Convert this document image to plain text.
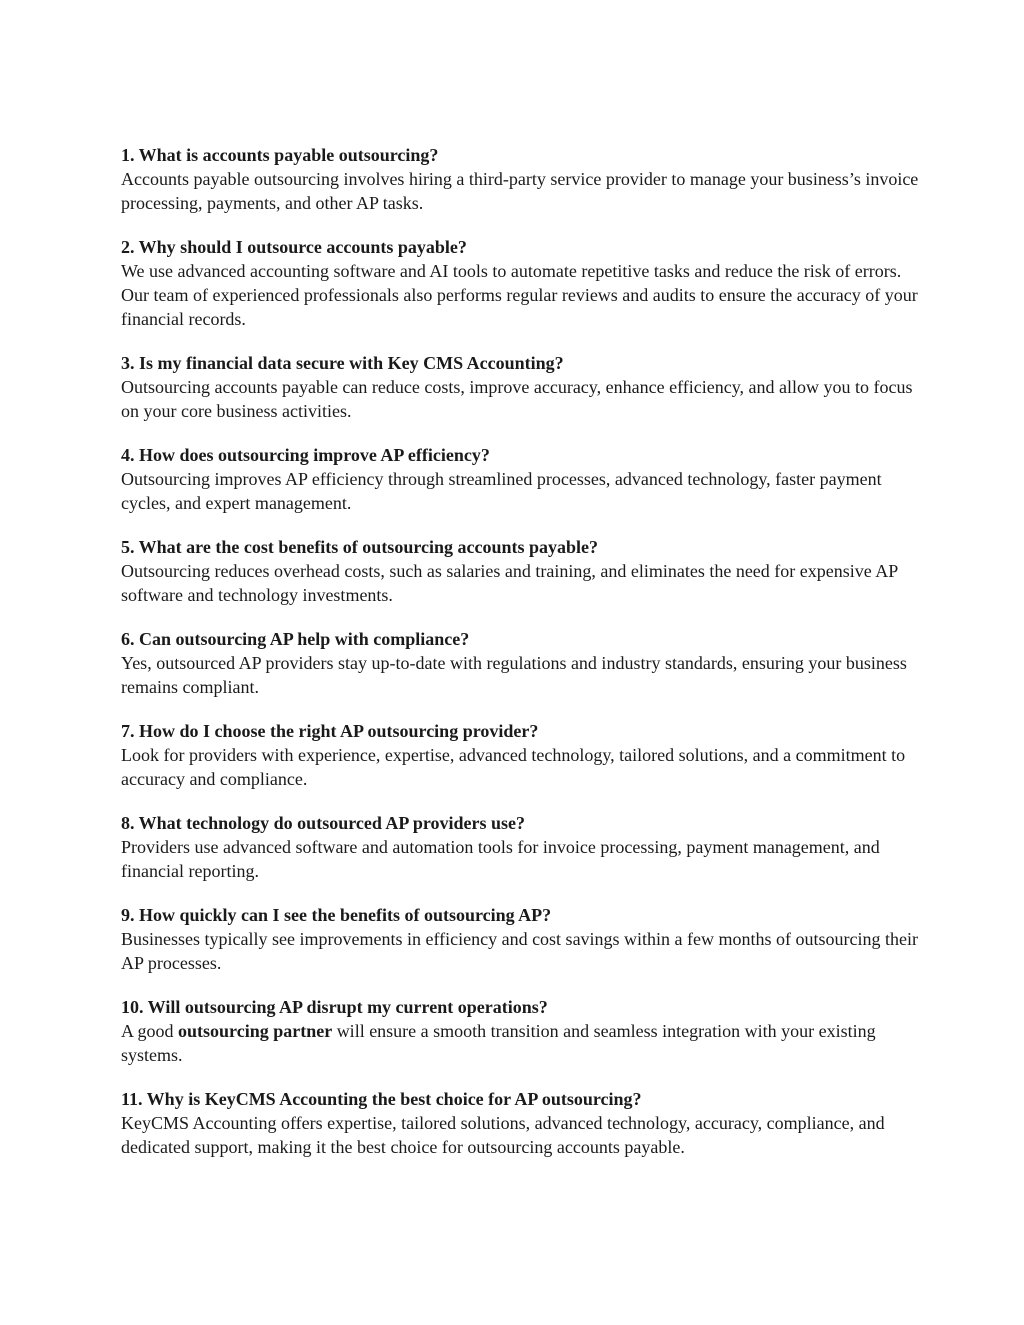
1. What is accounts payable outsourcing?

Accounts payable outsourcing involves hiring a third-party service provider to manage your business’s invoice processing, payments, and other AP tasks.

2. Why should I outsource accounts payable?

We use advanced accounting software and AI tools to automate repetitive tasks and reduce the risk of errors. Our team of experienced professionals also performs regular reviews and audits to ensure the accuracy of your financial records.

3. Is my financial data secure with Key CMS Accounting?

Outsourcing accounts payable can reduce costs, improve accuracy, enhance efficiency, and allow you to focus on your core business activities.

4. How does outsourcing improve AP efficiency?

Outsourcing improves AP efficiency through streamlined processes, advanced technology, faster payment cycles, and expert management.

5. What are the cost benefits of outsourcing accounts payable?

Outsourcing reduces overhead costs, such as salaries and training, and eliminates the need for expensive AP software and technology investments.

6. Can outsourcing AP help with compliance?

Yes, outsourced AP providers stay up-to-date with regulations and industry standards, ensuring your business remains compliant.

7. How do I choose the right AP outsourcing provider?

Look for providers with experience, expertise, advanced technology, tailored solutions, and a commitment to accuracy and compliance.

8. What technology do outsourced AP providers use?

Providers use advanced software and automation tools for invoice processing, payment management, and financial reporting.

9. How quickly can I see the benefits of outsourcing AP?

Businesses typically see improvements in efficiency and cost savings within a few months of outsourcing their AP processes.

10. Will outsourcing AP disrupt my current operations?

A good outsourcing partner will ensure a smooth transition and seamless integration with your existing systems.

11. Why is KeyCMS Accounting the best choice for AP outsourcing?

KeyCMS Accounting offers expertise, tailored solutions, advanced technology, accuracy, compliance, and dedicated support, making it the best choice for outsourcing accounts payable.
